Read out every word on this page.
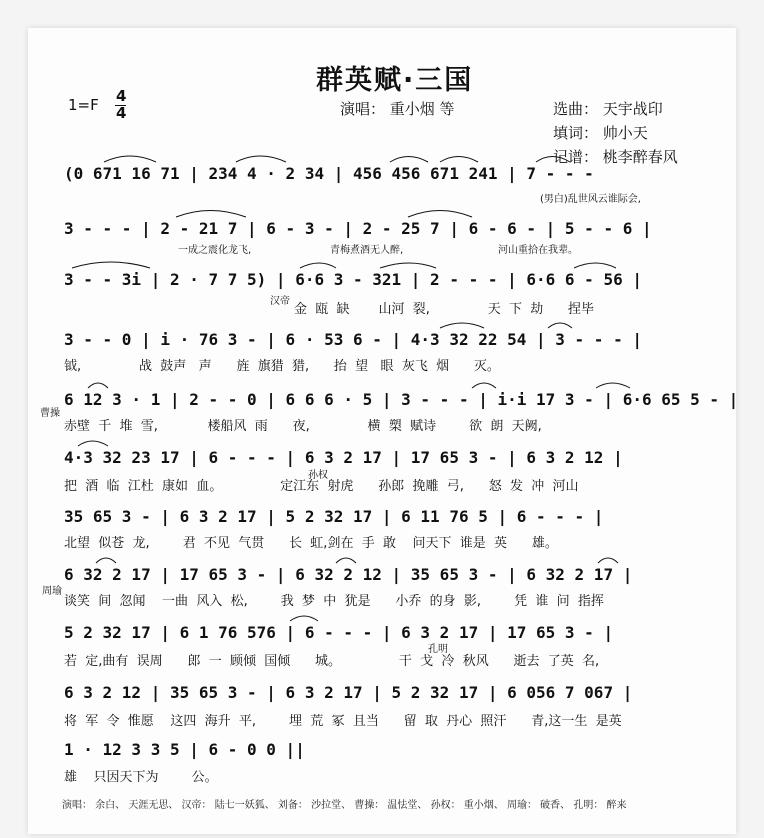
群英赋·三国
1=F 4
4	演唱： 重小烟 等	选曲： 天宇战印
填词： 帅小天
记谱： 桃李醉春风
(0 671 16 71 | 234 4 · 2 34 | 456 456 671 241 | 7 - - -
(男白)乱世风云谁际会,
3 - - - | 2 - 21 7 | 6 - 3 - | 2 - 25 7 | 6 - 6 - | 5 - - 6 |
一成之震化龙飞,	青梅煮酒无人醉,	河山重拾在我辈。
3 - - 3i | 2 · 7 7 5) | 6·6 3 - 321 | 2 - - - | 6·6 6 - 56 |
汉帝
金  瓯  缺       山河  裂,              天  下  劫      捏毕
3 - - 0 | i · 76 3 - | 6 · 53 6 - | 4·3 32 22 54 | 3 - - - |
钺,              战  鼓声   声      旌  旗猎  猎,      抬  望   眼  灰飞  烟      灭。
6 12 3 · 1 | 2 - - 0 | 6 6 6 · 5 | 3 - - - | i·i 17 3 - | 6·6 65 5 - |
曹操
赤壁  千  堆  雪,            楼船风  雨      夜,              横  槊  赋诗        欲  朗  天阙,
4·3 32 23 17 | 6 - - - | 6 3 2 17 | 17 65 3 - | 6 3 2 12 |
孙权
把  酒  临  江杜  康如  血。              定江东  射虎      孙郎  挽雕  弓,      怒  发  冲  河山
35 65 3 - | 6 3 2 17 | 5 2 32 17 | 6 11 76 5 | 6 - - - |
北望  似苍  龙,        君  不见  气贯      长  虹,剑在  手  敢    问天下  谁是  英      雄。
6 32 2 17 | 17 65 3 - | 6 32 2 12 | 35 65 3 - | 6 32 2 17 |
周瑜
谈笑  间  忽闻    一曲  风入  松,        我  梦  中  犹是      小乔  的身  影,        凭  谁  问  指挥
5 2 32 17 | 6 1 76 576 | 6 - - - | 6 3 2 17 | 17 65 3 - |
孔明
若  定,曲有  误周      郎  一  顾倾  国倾      城。              干  戈  冷  秋风      逝去  了英  名,
6 3 2 12 | 35 65 3 - | 6 3 2 17 | 5 2 32 17 | 6 056 7 067 |
将  军  令  惟愿    这四  海升  平,        埋  荒  冢  且当      留  取  丹心  照汗      青,这一生  是英
1 · 12 3 3 5 | 6 - 0 0 ||
雄    只因天下为        公。
演唱： 余白、 天涯无思、 汉帝： 陆七一妖狐、 刘备： 沙拉堂、 曹操： 温怯堂、 孙权： 重小烟、 周瑜： 破香、 孔明： 醉来
